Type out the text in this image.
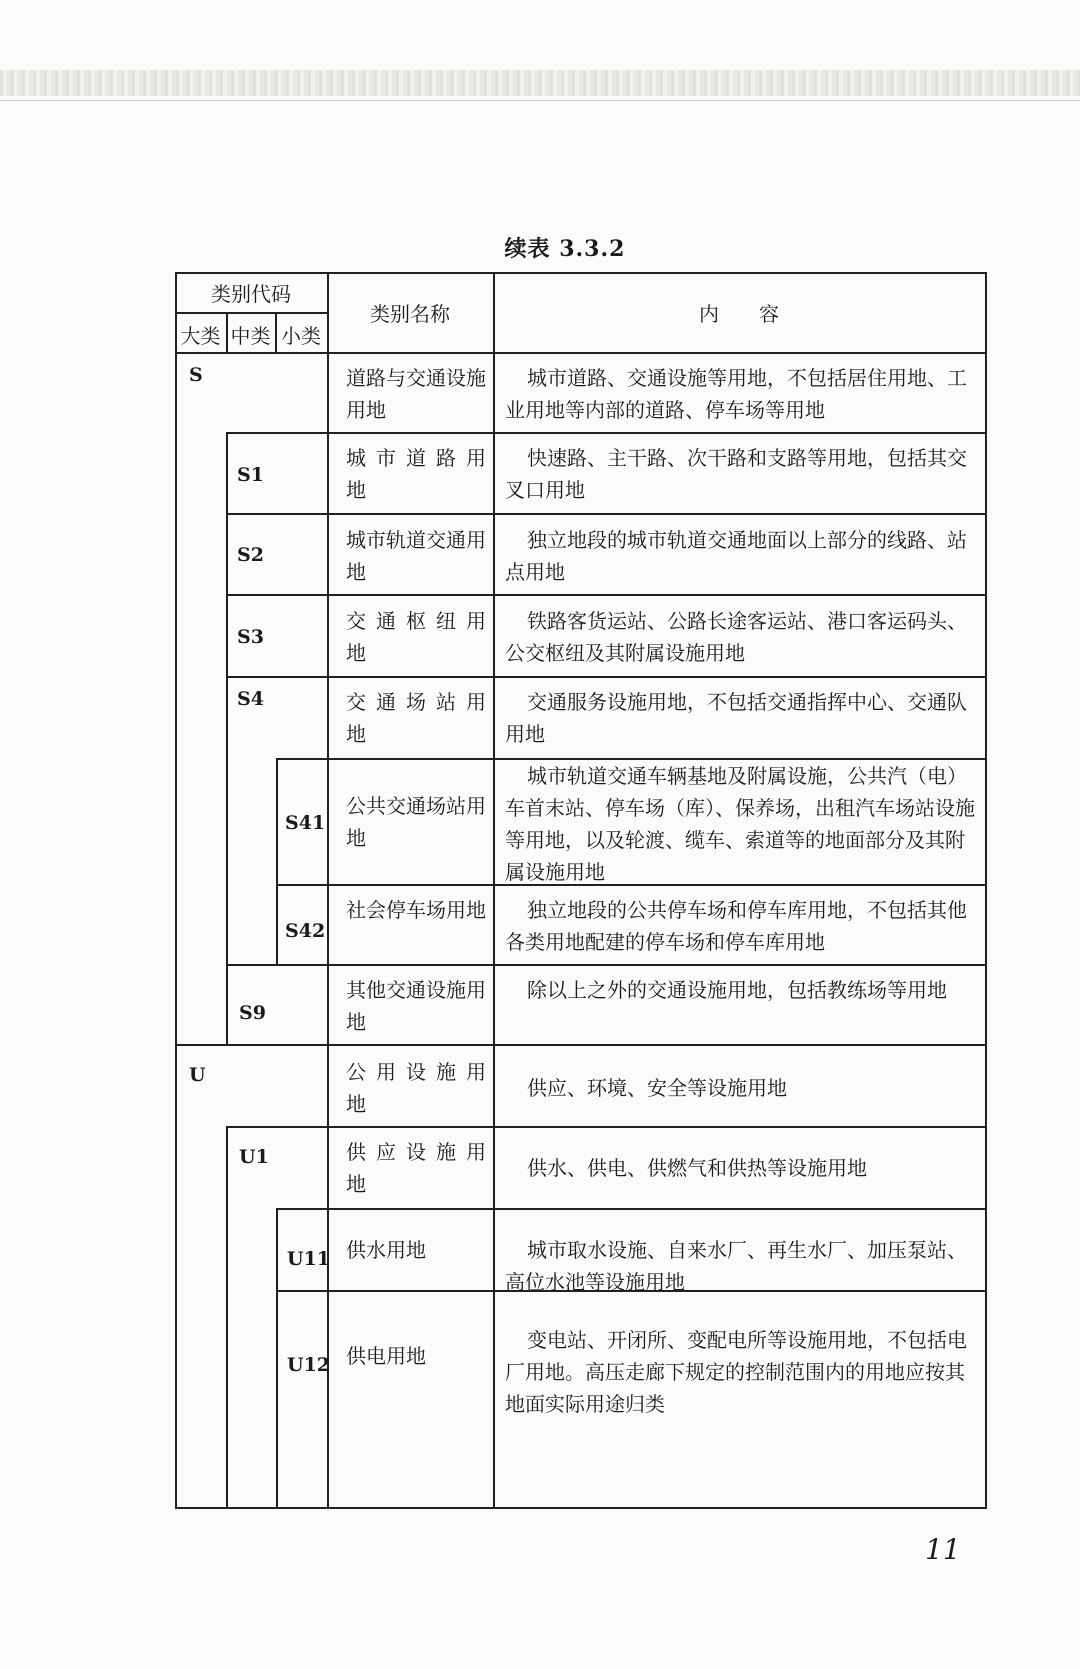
续表 3.3.2
类别代码
大类 中类 小类
类别名称	内　　容
S
S1
S2
S3
S4
S41
S42
S9
U
U1
U11
U12
道路与交通设施用地
城 市 道 路 用地
城市轨道交通用地
交 通 枢 纽 用地
交 通 场 站 用地
公共交通场站用地
社会停车场用地
其他交通设施用地
公 用 设 施 用地
供 应 设 施 用地
供水用地
供电用地
城市道路、交通设施等用地，不包括居住用地、工业用地等内部的道路、停车场等用地
快速路、主干路、次干路和支路等用地，包括其交叉口用地
独立地段的城市轨道交通地面以上部分的线路、站点用地
铁路客货运站、公路长途客运站、港口客运码头、公交枢纽及其附属设施用地
交通服务设施用地，不包括交通指挥中心、交通队用地
城市轨道交通车辆基地及附属设施，公共汽（电）车首末站、停车场（库）、保养场，出租汽车场站设施等用地，以及轮渡、缆车、索道等的地面部分及其附属设施用地
独立地段的公共停车场和停车库用地，不包括其他各类用地配建的停车场和停车库用地
除以上之外的交通设施用地，包括教练场等用地
供应、环境、安全等设施用地
供水、供电、供燃气和供热等设施用地
城市取水设施、自来水厂、再生水厂、加压泵站、高位水池等设施用地
变电站、开闭所、变配电所等设施用地，不包括电厂用地。高压走廊下规定的控制范围内的用地应按其地面实际用途归类
11
